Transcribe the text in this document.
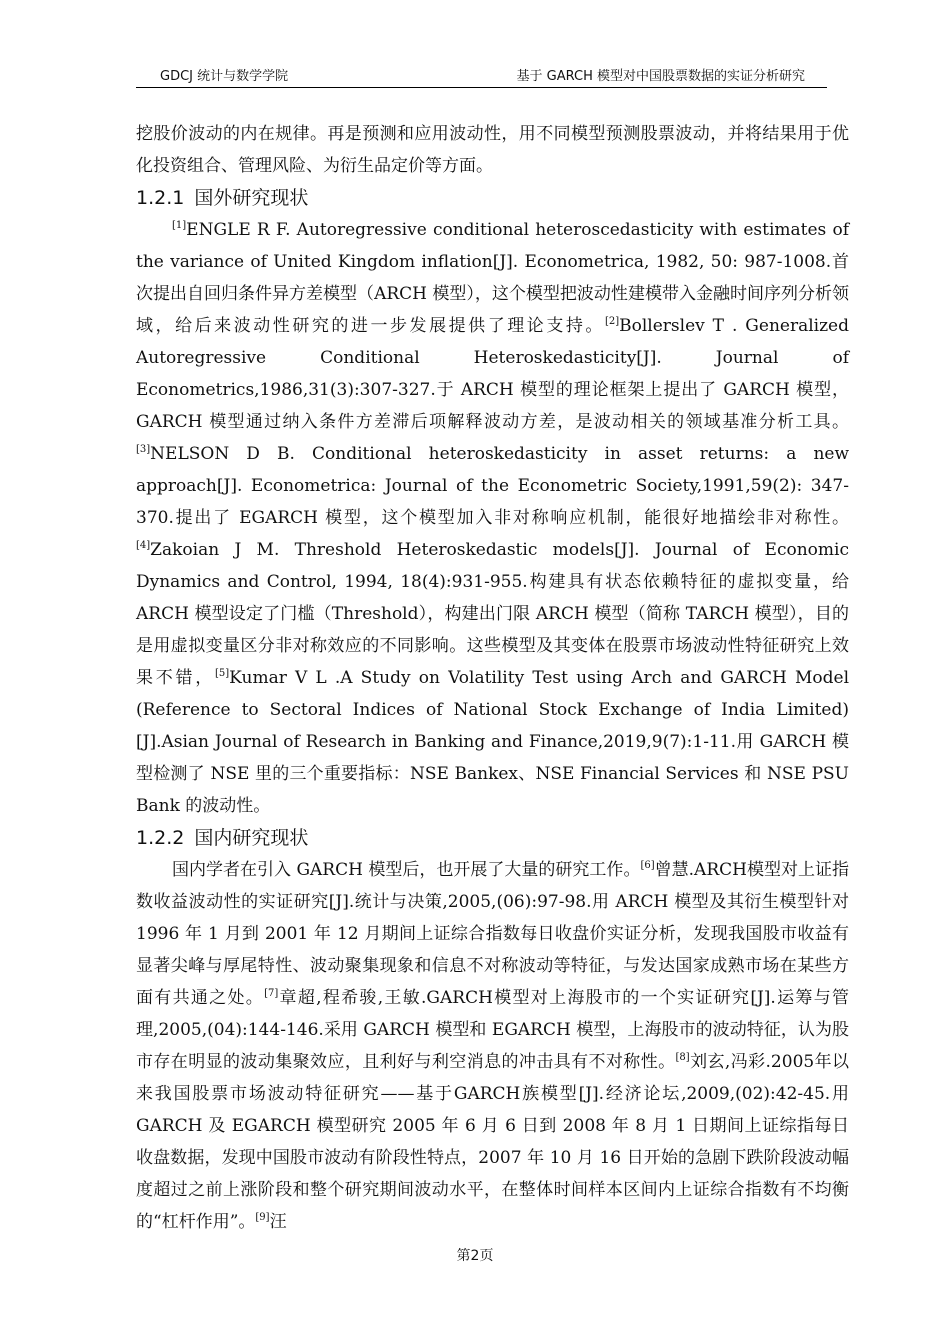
GDCJ 统计与数学学院	基于 GARCH 模型对中国股票数据的实证分析研究

挖股价波动的内在规律。再是预测和应用波动性，用不同模型预测股票波动，并将结果用于优化投资组合、管理风险、为衍生品定价等方面。

1.2.1 国外研究现状

[1]ENGLE R F. Autoregressive conditional heteroscedasticity with estimates of the variance of United Kingdom inflation[J]. Econometrica, 1982, 50: 987-1008.首次提出自回归条件异方差模型（ARCH 模型），这个模型把波动性建模带入金融时间序列分析领域，给后来波动性研究的进一步发展提供了理论支持。[2]Bollerslev T . Generalized Autoregressive Conditional Heteroskedasticity[J]. Journal of Econometrics,1986,31(3):307-327.于 ARCH 模型的理论框架上提出了 GARCH 模型，GARCH 模型通过纳入条件方差滞后项解释波动方差，是波动相关的领域基准分析工具。[3]NELSON D B. Conditional heteroskedasticity in asset returns: a new approach[J]. Econometrica: Journal of the Econometric Society,1991,59(2): 347-370.提出了 EGARCH 模型，这个模型加入非对称响应机制，能很好地描绘非对称性。[4]Zakoian J M. Threshold Heteroskedastic models[J]. Journal of Economic Dynamics and Control, 1994, 18(4):931-955.构建具有状态依赖特征的虚拟变量，给 ARCH 模型设定了门槛（Threshold），构建出门限 ARCH 模型（简称 TARCH 模型），目的是用虚拟变量区分非对称效应的不同影响。这些模型及其变体在股票市场波动性特征研究上效果不错，[5]Kumar V L .A Study on Volatility Test using Arch and GARCH Model (Reference to Sectoral Indices of National Stock Exchange of India Limited)[J].Asian Journal of Research in Banking and Finance,2019,9(7):1-11.用 GARCH 模型检测了 NSE 里的三个重要指标：NSE Bankex、NSE Financial Services 和 NSE PSU Bank 的波动性。

1.2.2 国内研究现状

国内学者在引入 GARCH 模型后，也开展了大量的研究工作。[6]曾慧.ARCH模型对上证指数收益波动性的实证研究[J].统计与决策,2005,(06):97-98.用 ARCH 模型及其衍生模型针对 1996 年 1 月到 2001 年 12 月期间上证综合指数每日收盘价实证分析，发现我国股市收益有显著尖峰与厚尾特性、波动聚集现象和信息不对称波动等特征，与发达国家成熟市场在某些方面有共通之处。[7]章超,程希骏,王敏.GARCH模型对上海股市的一个实证研究[J].运筹与管理,2005,(04):144-146.采用 GARCH 模型和 EGARCH 模型，上海股市的波动特征，认为股市存在明显的波动集聚效应，且利好与利空消息的冲击具有不对称性。[8]刘玄,冯彩.2005年以来我国股票市场波动特征研究——基于GARCH族模型[J].经济论坛,2009,(02):42-45.用 GARCH 及 EGARCH 模型研究 2005 年 6 月 6 日到 2008 年 8 月 1 日期间上证综指每日收盘数据，发现中国股市波动有阶段性特点，2007 年 10 月 16 日开始的急剧下跌阶段波动幅度超过之前上涨阶段和整个研究期间波动水平，在整体时间样本区间内上证综合指数有不均衡的“杠杆作用”。[9]汪

第2页
